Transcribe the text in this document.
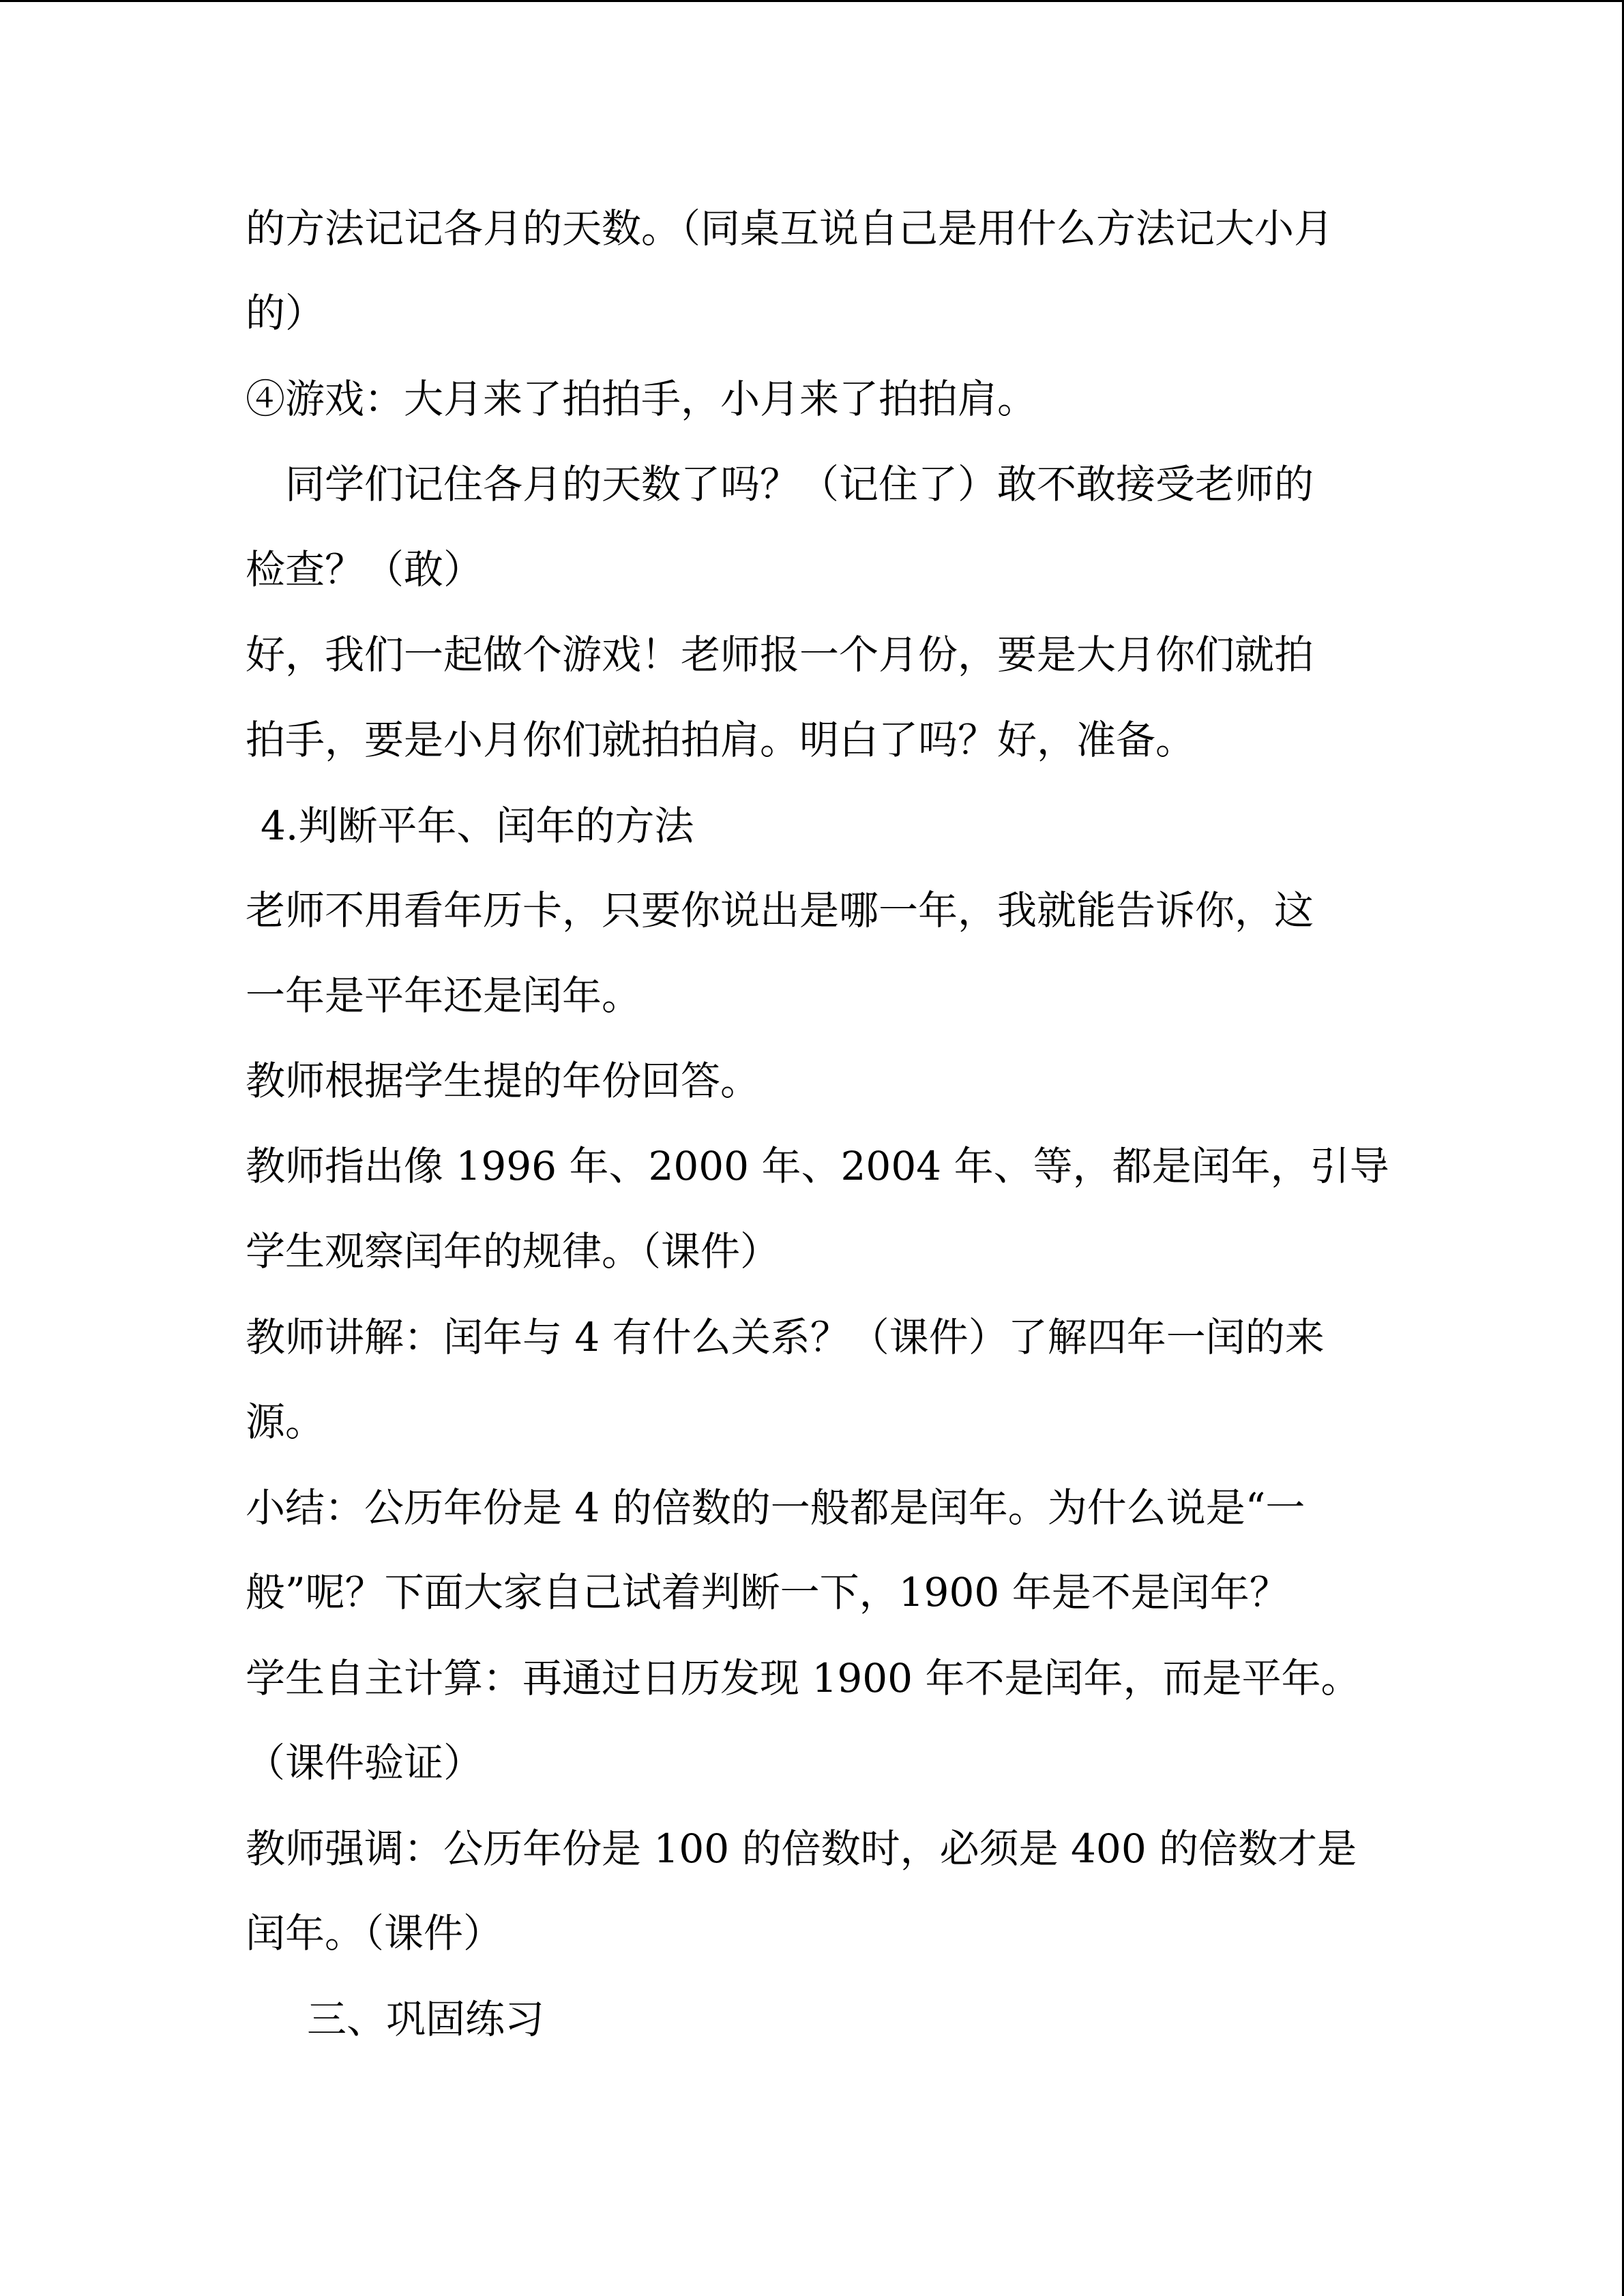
的方法记记各月的天数。（同桌互说自己是用什么方法记大小月
的）
④游戏：大月来了拍拍手，小月来了拍拍肩。
同学们记住各月的天数了吗？（记住了）敢不敢接受老师的
检查？（敢）
好，我们一起做个游戏！老师报一个月份，要是大月你们就拍
拍手，要是小月你们就拍拍肩。明白了吗？好，准备。
4.判断平年、闰年的方法
老师不用看年历卡，只要你说出是哪一年，我就能告诉你，这
一年是平年还是闰年。
教师根据学生提的年份回答。
教师指出像 1996 年、2000 年、2004 年、等，都是闰年，引导
学生观察闰年的规律。（课件）
教师讲解：闰年与 4 有什么关系？（课件）了解四年一闰的来
源。
小结：公历年份是 4 的倍数的一般都是闰年。为什么说是“一
般”呢？下面大家自己试着判断一下，1900 年是不是闰年？
学生自主计算：再通过日历发现 1900 年不是闰年，而是平年。
（课件验证）
教师强调：公历年份是 100 的倍数时，必须是 400 的倍数才是
闰年。（课件）
三、巩固练习
